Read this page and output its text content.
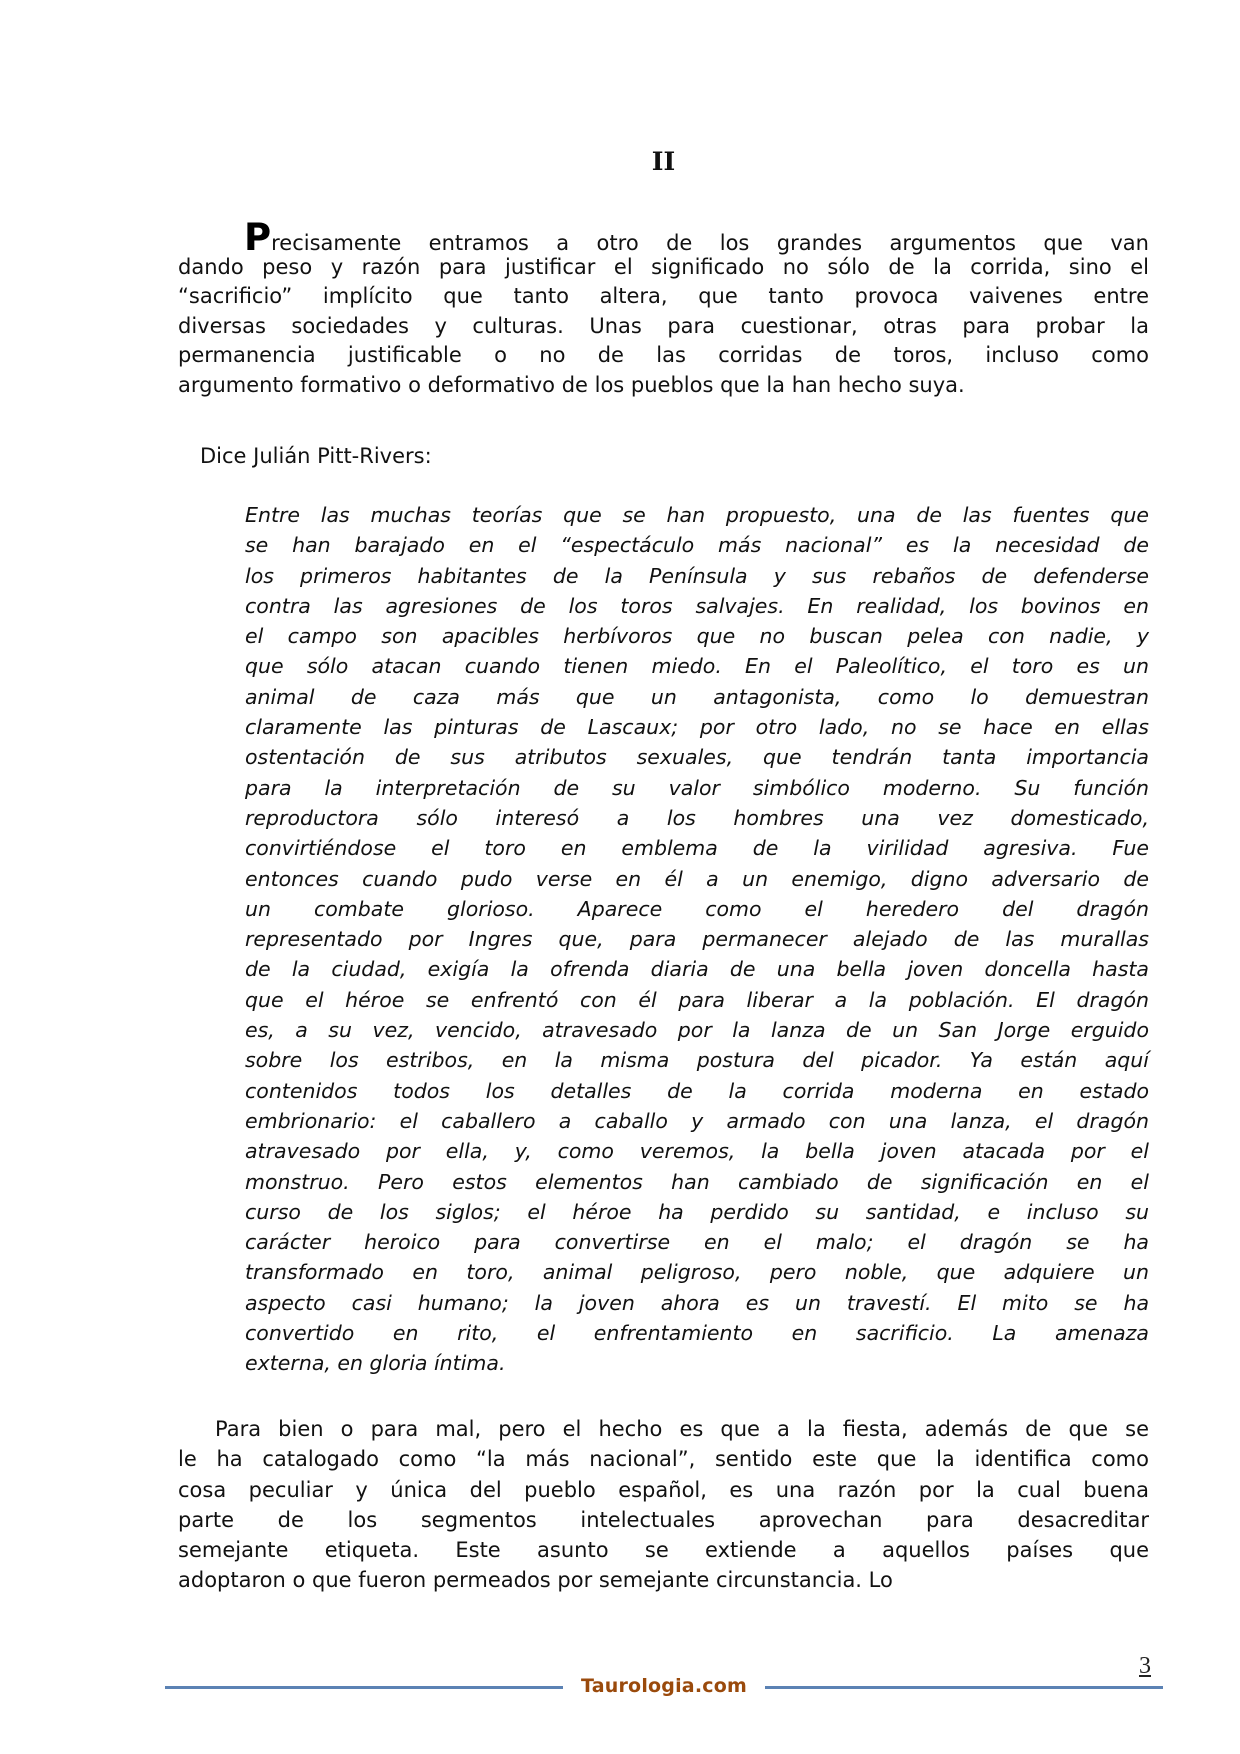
II
Precisamente entramos a otro de los grandes argumentos que van
dando peso y razón para justificar el significado no sólo de la corrida, sino el
“sacrificio” implícito que tanto altera, que tanto provoca vaivenes entre
diversas sociedades y culturas. Unas para cuestionar, otras para probar la
permanencia justificable o no de las corridas de toros, incluso como
argumento formativo o deformativo de los pueblos que la han hecho suya.
Dice Julián Pitt-Rivers:
Entre las muchas teorías que se han propuesto, una de las fuentes que
se han barajado en el “espectáculo más nacional” es la necesidad de
los primeros habitantes de la Península y sus rebaños de defenderse
contra las agresiones de los toros salvajes. En realidad, los bovinos en
el campo son apacibles herbívoros que no buscan pelea con nadie, y
que sólo atacan cuando tienen miedo. En el Paleolítico, el toro es un
animal de caza más que un antagonista, como lo demuestran
claramente las pinturas de Lascaux; por otro lado, no se hace en ellas
ostentación de sus atributos sexuales, que tendrán tanta importancia
para la interpretación de su valor simbólico moderno. Su función
reproductora sólo interesó a los hombres una vez domesticado,
convirtiéndose el toro en emblema de la virilidad agresiva. Fue
entonces cuando pudo verse en él a un enemigo, digno adversario de
un combate glorioso. Aparece como el heredero del dragón
representado por Ingres que, para permanecer alejado de las murallas
de la ciudad, exigía la ofrenda diaria de una bella joven doncella hasta
que el héroe se enfrentó con él para liberar a la población. El dragón
es, a su vez, vencido, atravesado por la lanza de un San Jorge erguido
sobre los estribos, en la misma postura del picador. Ya están aquí
contenidos todos los detalles de la corrida moderna en estado
embrionario: el caballero a caballo y armado con una lanza, el dragón
atravesado por ella, y, como veremos, la bella joven atacada por el
monstruo. Pero estos elementos han cambiado de significación en el
curso de los siglos; el héroe ha perdido su santidad, e incluso su
carácter heroico para convertirse en el malo; el dragón se ha
transformado en toro, animal peligroso, pero noble, que adquiere un
aspecto casi humano; la joven ahora es un travestí. El mito se ha
convertido en rito, el enfrentamiento en sacrificio. La amenaza
externa, en gloria íntima.
Para bien o para mal, pero el hecho es que a la fiesta, además de que se
le ha catalogado como “la más nacional”, sentido este que la identifica como
cosa peculiar y única del pueblo español, es una razón por la cual buena
parte de los segmentos intelectuales aprovechan para desacreditar
semejante etiqueta. Este asunto se extiende a aquellos países que
adoptaron o que fueron permeados por semejante circunstancia. Lo
Taurologia.com
3
